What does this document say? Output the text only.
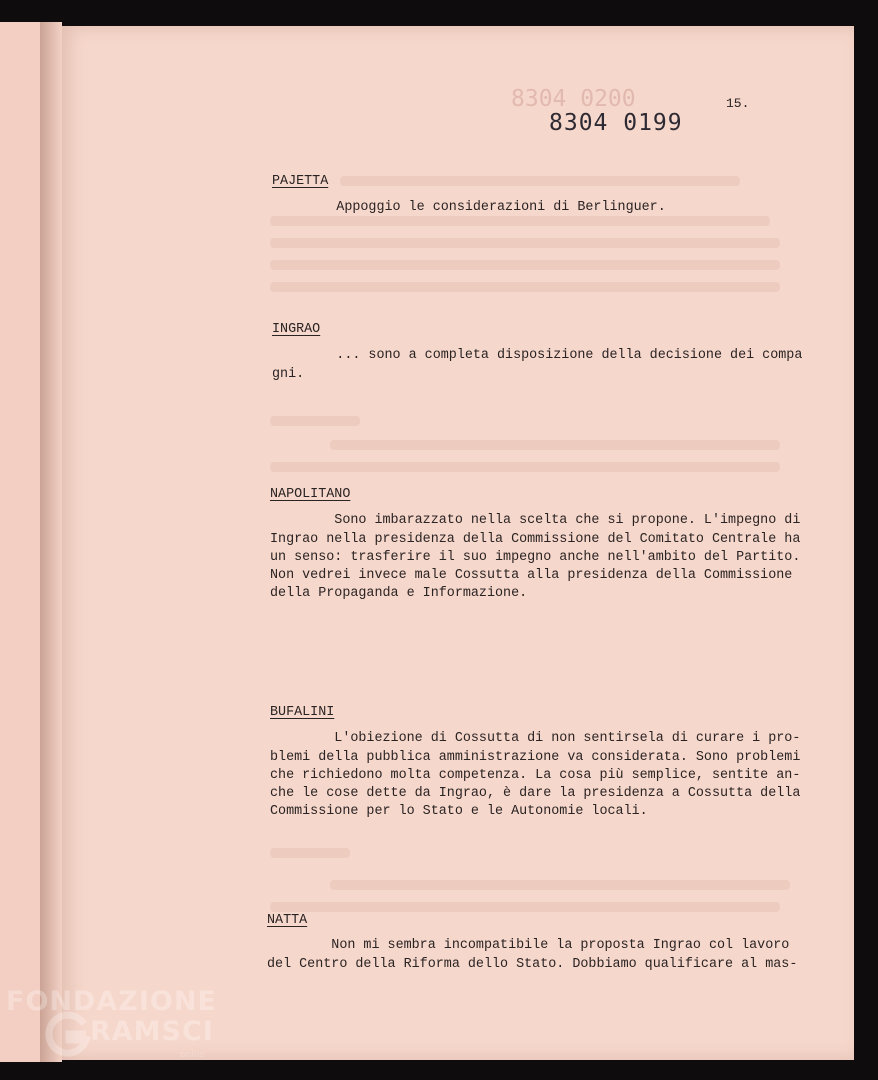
8304 0200	15.
8304 0199
PAJETTA
Appoggio le considerazioni di Berlinguer.
INGRAO
... sono a completa disposizione della decisione dei compa
gni.
NAPOLITANO
Sono imbarazzato nella scelta che si propone. L'impegno di
Ingrao nella presidenza della Commissione del Comitato Centrale ha
un senso: trasferire il suo impegno anche nell'ambito del Partito.
Non vedrei invece male Cossutta alla presidenza della Commissione
della Propaganda e Informazione.
BUFALINI
L'obiezione di Cossutta di non sentirsela di curare i pro-
blemi della pubblica amministrazione va considerata. Sono problemi
che richiedono molta competenza. La cosa più semplice, sentite an-
che le cose dette da Ingrao, è dare la presidenza a Cossutta della
Commissione per lo Stato e le Autonomie locali.
NATTA
Non mi sembra incompatibile la proposta Ingrao col lavoro
del Centro della Riforma dello Stato. Dobbiamo qualificare al mas-
FONDAZIONE
RAMSCI
onlus
